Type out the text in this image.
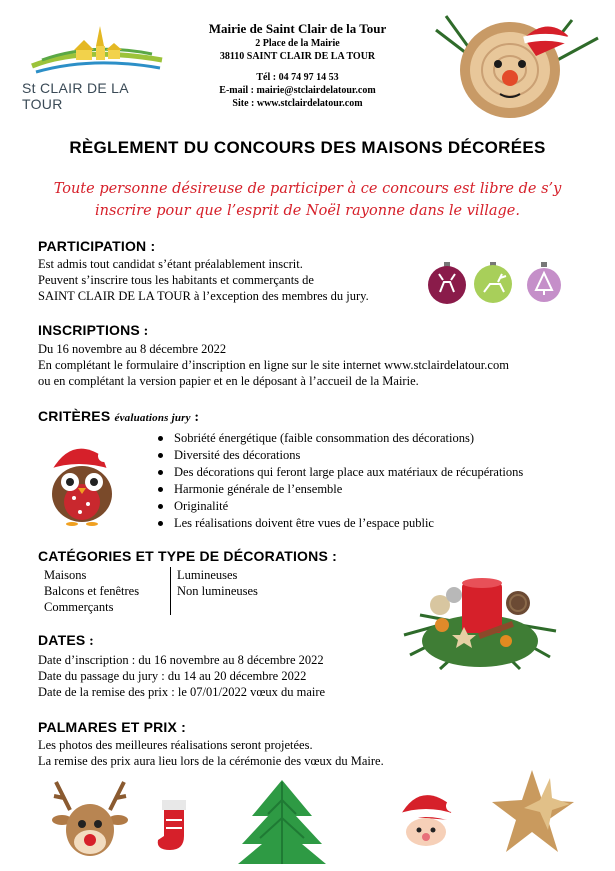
St CLAIR DE LA TOUR
Mairie de Saint Clair de la Tour
2 Place de la Mairie
38110 SAINT CLAIR DE LA TOUR
Tél : 04 74 97 14 53
E-mail : mairie@stclairdelatour.com
Site : www.stclairdelatour.com
RÈGLEMENT DU CONCOURS DES MAISONS DÉCORÉES
Toute personne désireuse de participer à ce concours est libre de s’y
inscrire pour que l’esprit de Noël rayonne dans le village.
PARTICIPATION :
Est admis tout candidat s’étant préalablement inscrit.
Peuvent s’inscrire tous les habitants et commerçants de
SAINT CLAIR DE LA TOUR à l’exception des membres du jury.
INSCRIPTIONS :
Du 16 novembre au 8 décembre 2022
En complétant le formulaire d’inscription en ligne sur le site internet www.stclairdelatour.com
ou en complétant la version papier et en le déposant à l’accueil de la Mairie.
CRITÈRES évaluations jury :
Sobriété énergétique (faible consommation des décorations)
Diversité des décorations
Des décorations qui feront large place aux matériaux de récupérations
Harmonie générale de l’ensemble
Originalité
Les réalisations doivent être vues de l’espace public
CATÉGORIES ET TYPE DE DÉCORATIONS :
Maisons
Balcons et fenêtres
Commerçants
Lumineuses
Non lumineuses
DATES :
Date d’inscription : du 16 novembre au 8 décembre 2022
Date du passage du jury : du 14 au 20 décembre 2022
Date de la remise des prix : le 07/01/2022 vœux du maire
PALMARES ET PRIX :
Les photos des meilleures réalisations seront projetées.
La remise des prix aura lieu lors de la cérémonie des vœux du Maire.
